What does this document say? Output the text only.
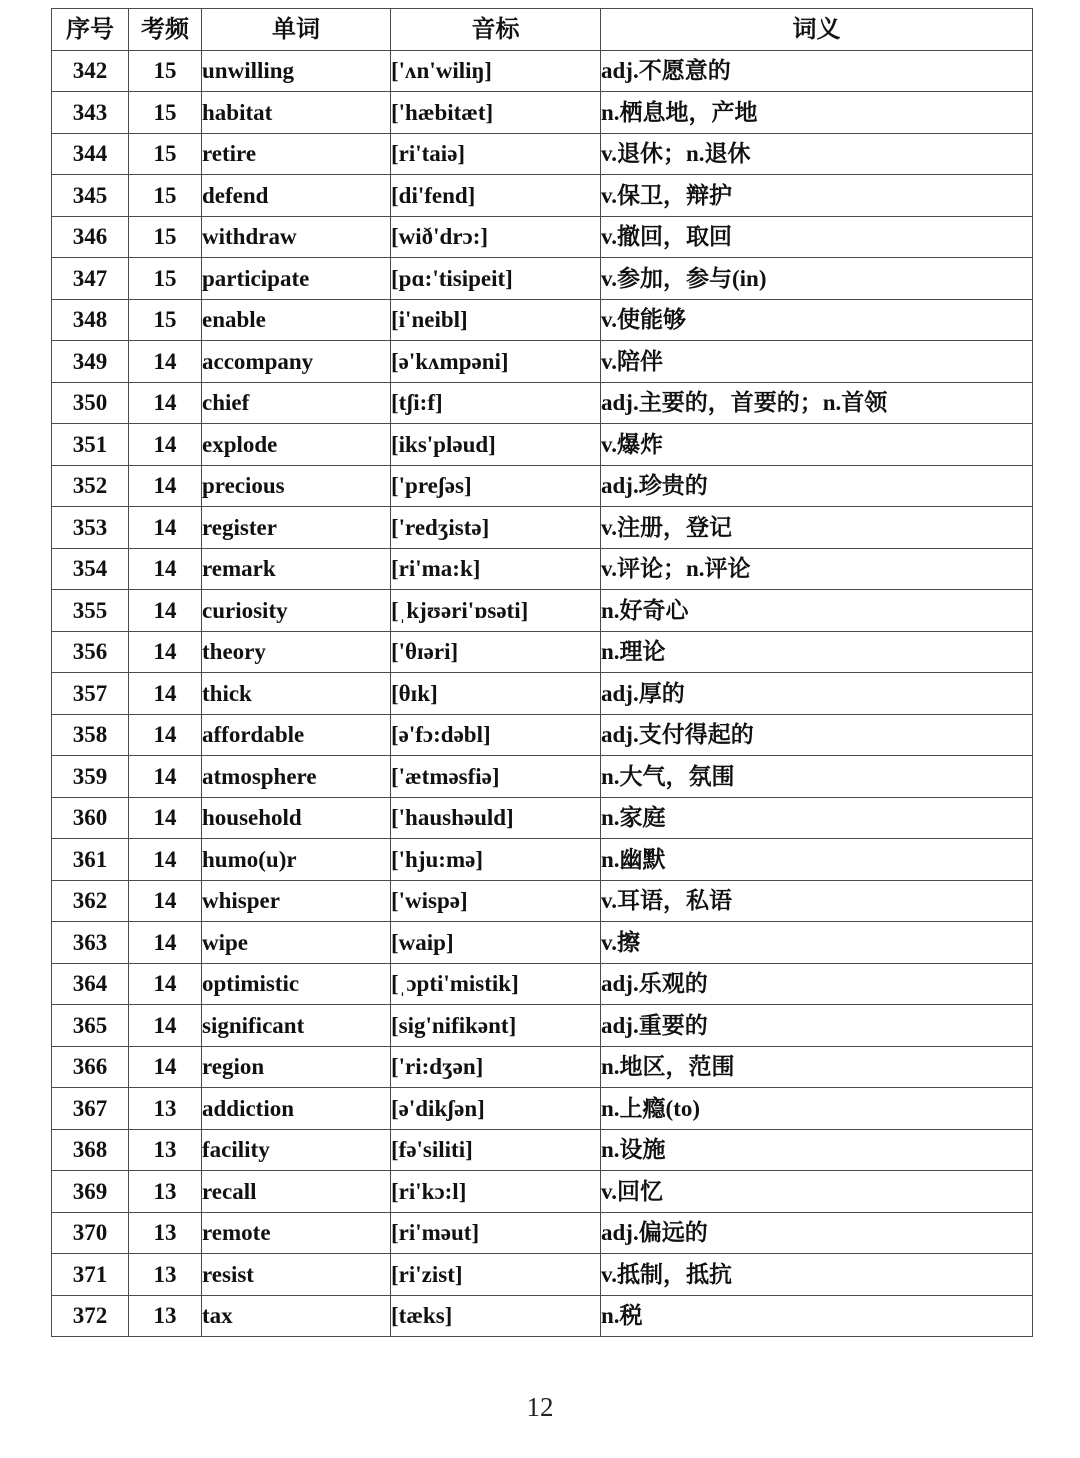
序号	考频	单词	音标	词义
342	15	unwilling	['ʌn'wiliŋ]	adj.不愿意的
343	15	habitat	['hæbitæt]	n.栖息地，产地
344	15	retire	[ri'taiə]	v.退休；n.退休
345	15	defend	[di'fend]	v.保卫，辩护
346	15	withdraw	[wið'drɔ:]	v.撤回，取回
347	15	participate	[pɑ:'tisipeit]	v.参加，参与(in)
348	15	enable	[i'neibl]	v.使能够
349	14	accompany	[ə'kʌmpəni]	v.陪伴
350	14	chief	[tʃi:f]	adj.主要的，首要的；n.首领
351	14	explode	[iks'pləud]	v.爆炸
352	14	precious	['preʃəs]	adj.珍贵的
353	14	register	['redʒistə]	v.注册，登记
354	14	remark	[ri'ma:k]	v.评论；n.评论
355	14	curiosity	[ˌkjʊəri'ɒsəti]	n.好奇心
356	14	theory	['θɪəri]	n.理论
357	14	thick	[θɪk]	adj.厚的
358	14	affordable	[ə'fɔ:dəbl]	adj.支付得起的
359	14	atmosphere	['ætməsfiə]	n.大气，氛围
360	14	household	['haushəuld]	n.家庭
361	14	humo(u)r	['hju:mə]	n.幽默
362	14	whisper	['wispə]	v.耳语，私语
363	14	wipe	[waip]	v.擦
364	14	optimistic	[ˌɔpti'mistik]	adj.乐观的
365	14	significant	[sig'nifikənt]	adj.重要的
366	14	region	['ri:dʒən]	n.地区，范围
367	13	addiction	[ə'dikʃən]	n.上瘾(to)
368	13	facility	[fə'siliti]	n.设施
369	13	recall	[ri'kɔ:l]	v.回忆
370	13	remote	[ri'məut]	adj.偏远的
371	13	resist	[ri'zist]	v.抵制，抵抗
372	13	tax	[tæks]	n.税
12
